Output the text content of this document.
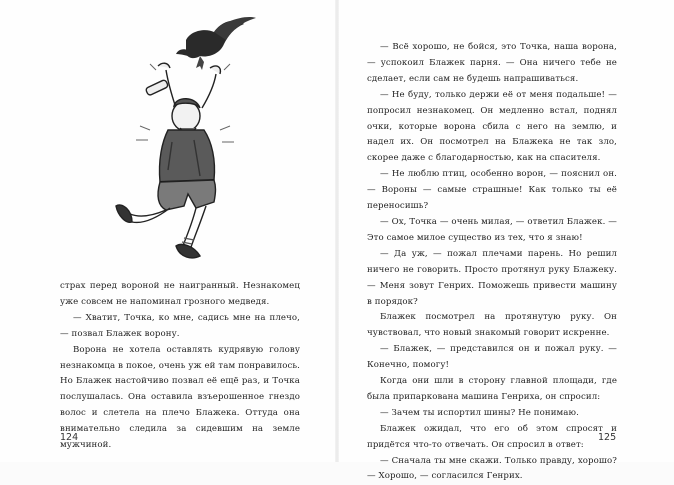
страх перед вороной не наигранный. Незнакомец уже совсем не напоминал грозного медведя.

— Хватит, Точка, ко мне, садись мне на плечо, — позвал Блажек ворону.

Ворона не хотела оставлять кудрявую голову незнакомца в покое, очень уж ей там понравилось. Но Блажек настойчиво позвал её ещё раз, и Точка послушалась. Она оставила взъерошенное гнездо волос и слетела на плечо Блажека. Оттуда она внимательно следила за сидевшим на земле мужчиной.

124

— Всё хорошо, не бойся, это Точка, наша ворона, — успокоил Блажек парня. — Она ничего тебе не сделает, если сам не будешь напрашиваться.

— Не буду, только держи её от меня подальше! — попросил незнакомец. Он медленно встал, поднял очки, которые ворона сбила с него на землю, и надел их. Он посмотрел на Блажека не так зло, скорее даже с благодарностью, как на спасителя.

— Не люблю птиц, особенно ворон, — пояснил он. — Вороны — самые страшные! Как только ты её переносишь?

— Ох, Точка — очень милая, — ответил Блажек. — Это самое милое существо из тех, что я знаю!

— Да уж, — пожал плечами парень. Но решил ничего не говорить. Просто протянул руку Блажеку. — Меня зовут Генрих. Поможешь привести машину в порядок?

Блажек посмотрел на протянутую руку. Он чувствовал, что новый знакомый говорит искренне.

— Блажек, — представился он и пожал руку. — Конечно, помогу!

Когда они шли в сторону главной площади, где была припаркована машина Генриха, он спросил:

— Зачем ты испортил шины? Не понимаю.

Блажек ожидал, что его об этом спросят и придётся что-то отвечать. Он спросил в ответ:

— Сначала ты мне скажи. Только правду, хорошо? — Хорошо, — согласился Генрих.

125
